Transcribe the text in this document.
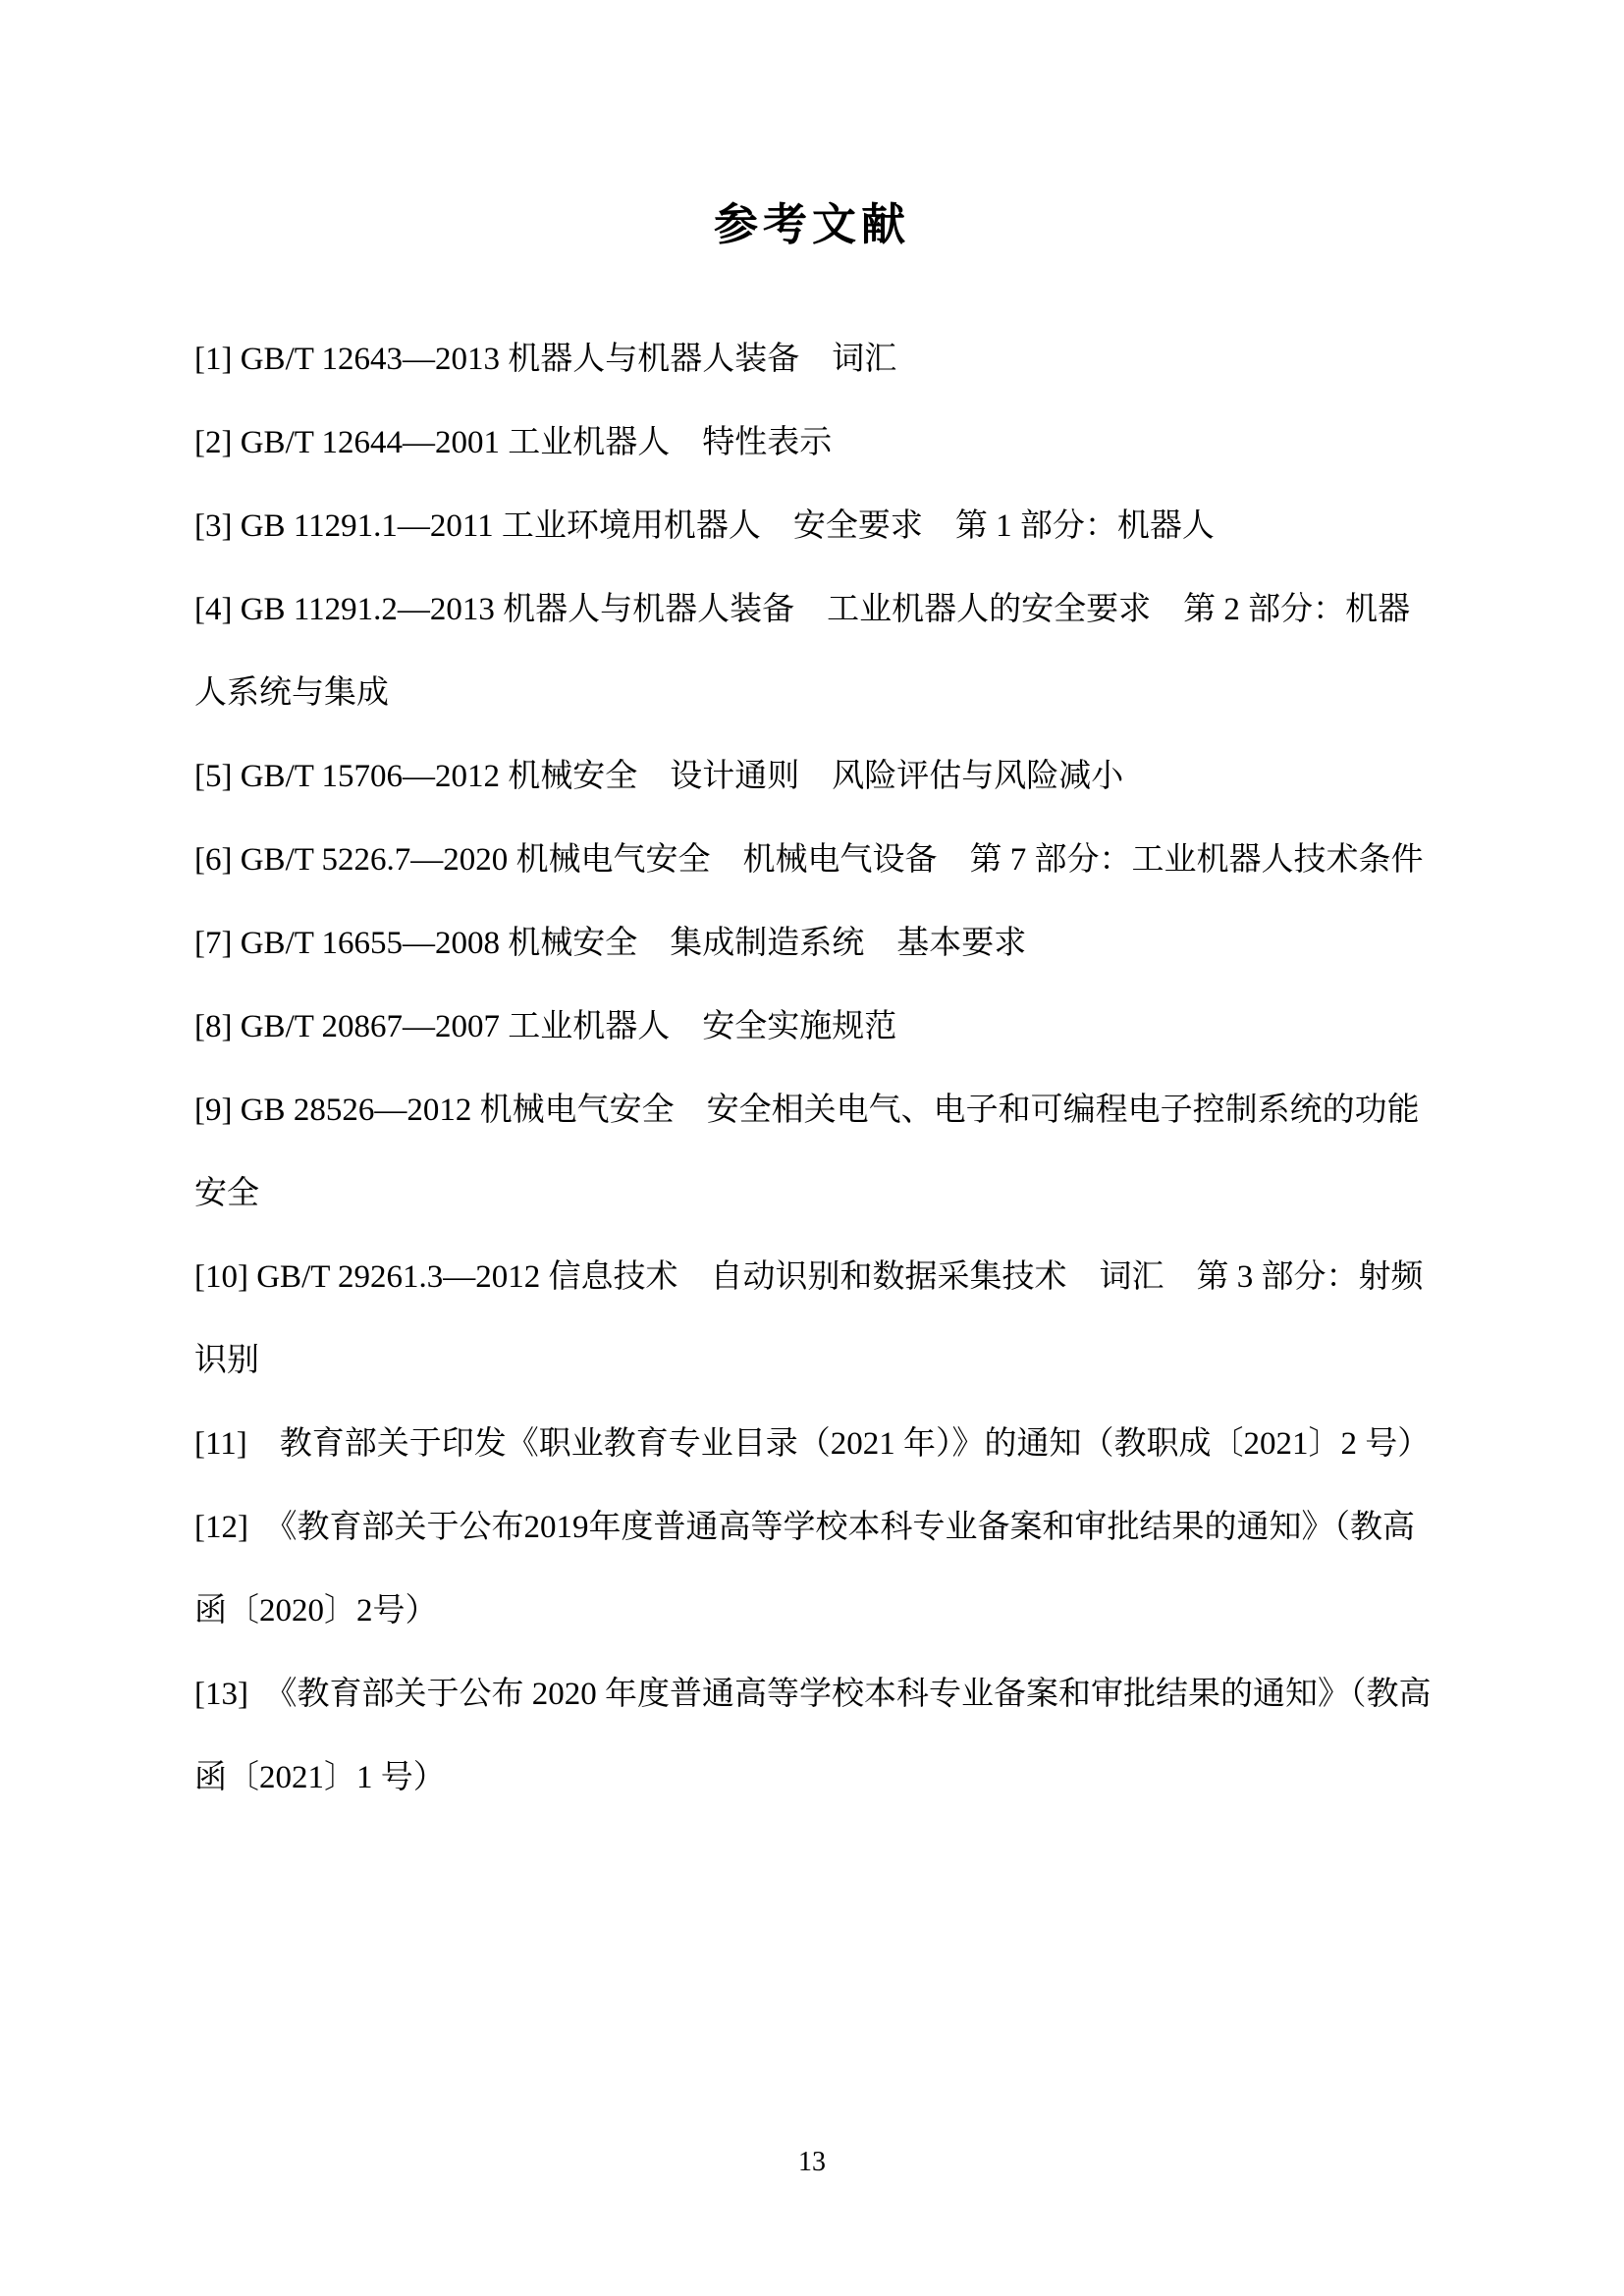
参考文献

[1] GB/T 12643—2013 机器人与机器人装备　词汇

[2] GB/T 12644—2001 工业机器人　特性表示

[3] GB 11291.1—2011 工业环境用机器人　安全要求　第 1 部分：机器人

[4] GB 11291.2—2013 机器人与机器人装备　工业机器人的安全要求　第 2 部分：机器人系统与集成

[5] GB/T 15706—2012 机械安全　设计通则　风险评估与风险减小

[6] GB/T 5226.7—2020 机械电气安全　机械电气设备　第 7 部分：工业机器人技术条件

[7] GB/T 16655—2008 机械安全　集成制造系统　基本要求

[8] GB/T 20867—2007 工业机器人　安全实施规范

[9] GB 28526—2012 机械电气安全　安全相关电气、电子和可编程电子控制系统的功能安全

[10] GB/T 29261.3—2012 信息技术　自动识别和数据采集技术　词汇　第 3 部分：射频识别

[11]　教育部关于印发《职业教育专业目录（2021 年）》的通知（教职成〔2021〕2 号）

[12]　《教育部关于公布2019年度普通高等学校本科专业备案和审批结果的通知》（教高函〔2020〕2号）

[13]　《教育部关于公布 2020 年度普通高等学校本科专业备案和审批结果的通知》（教高函〔2021〕1 号）

13
